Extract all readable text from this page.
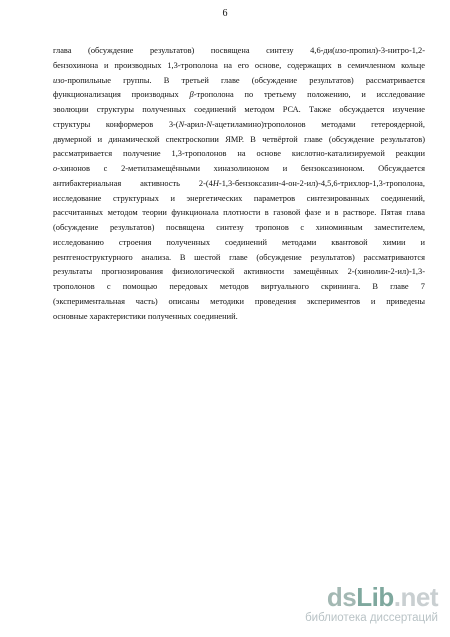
6
глава (обсуждение результатов) посвящена синтезу 4,6-ди(изо-пропил)-3-нитро-1,2-
бензохинона и производных 1,3-трополона на его основе, содержащих в семичленном кольце
изо-пропильные группы. В третьей главе (обсуждение результатов) рассматривается
функционализация производных β-трополона по третьему положению, и исследование
эволюции структуры полученных соединений методом РСА. Также обсуждается изучение
структуры конформеров 3-(N-арил-N-ацетиламино)трополонов методами гетероядерной,
двумерной и динамической спектроскопии ЯМР. В четвёртой главе (обсуждение результатов)
рассматривается получение 1,3-трополонов на основе кислотно-катализируемой реакции
о-хинонов с 2-метилзамещёнными хиназолиноном и бензоксазиноном. Обсуждается
антибактериальная активность 2-(4Н-1,3-бензоксазин-4-он-2-ил)-4,5,6-трихлор-1,3-трополона,
исследование структурных и энергетических параметров синтезированных соединений,
рассчитанных методом теории функционала плотности в газовой фазе и в растворе. Пятая глава
(обсуждение результатов) посвящена синтезу тропонов с хиноминным заместителем,
исследованию строения полученных соединений методами квантовой химии и
рентгеноструктурного анализа. В шестой главе (обсуждение результатов) рассматриваются
результаты прогнозирования физиологической активности замещённых 2-(хинолин-2-ил)-1,3-
трополонов с помощью передовых методов виртуального скрининга. В главе 7
(экспериментальная часть) описаны методики проведения экспериментов и приведены
основные характеристики полученных соединений.
dsLib.net
библиотека диссертаций
